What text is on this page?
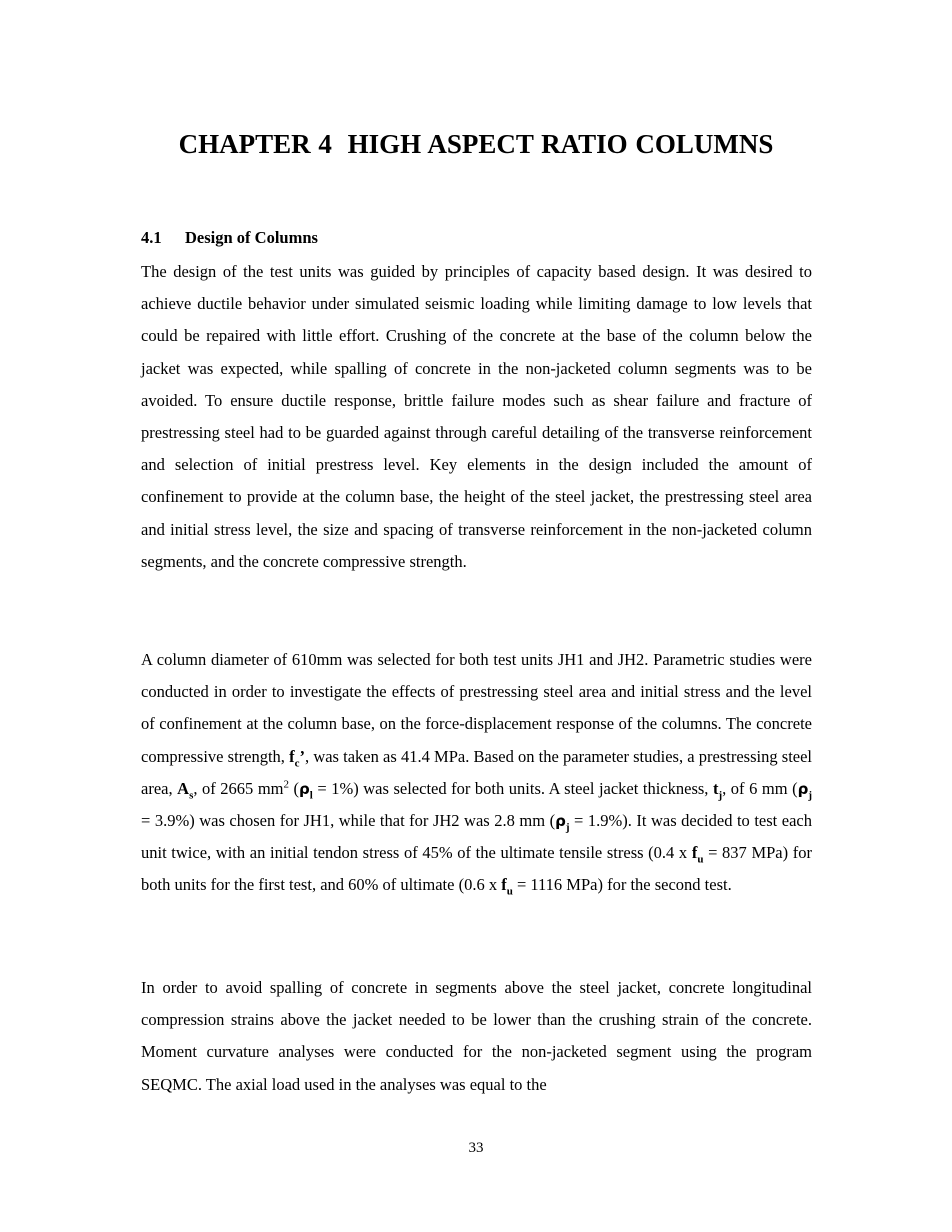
CHAPTER 4 HIGH ASPECT RATIO COLUMNS
4.1 Design of Columns

The design of the test units was guided by principles of capacity based design. It was desired to achieve ductile behavior under simulated seismic loading while limiting damage to low levels that could be repaired with little effort. Crushing of the concrete at the base of the column below the jacket was expected, while spalling of concrete in the non-jacketed column segments was to be avoided. To ensure ductile response, brittle failure modes such as shear failure and fracture of prestressing steel had to be guarded against through careful detailing of the transverse reinforcement and selection of initial prestress level. Key elements in the design included the amount of confinement to provide at the column base, the height of the steel jacket, the prestressing steel area and initial stress level, the size and spacing of transverse reinforcement in the non-jacketed column segments, and the concrete compressive strength.

A column diameter of 610mm was selected for both test units JH1 and JH2. Parametric studies were conducted in order to investigate the effects of prestressing steel area and initial stress and the level of confinement at the column base, on the force-displacement response of the columns. The concrete compressive strength, $f_c$’, was taken as 41.4 MPa. Based on the parameter studies, a prestressing steel area, $A_s$, of 2665 $mm^2$ $(\rho_l = 1\%)$ was selected for both units. A steel jacket thickness, $t_j$, of 6 mm $(\rho_j = 3.9\%)$ was chosen for JH1, while that for JH2 was 2.8 mm $(\rho_j = 1.9\%)$. It was decided to test each unit twice, with an initial tendon stress of 45% of the ultimate tensile stress (0.4 x $f_u = 837$ MPa) for both units for the first test, and 60% of ultimate (0.6 x $f_u = 1116$ MPa) for the second test.

In order to avoid spalling of concrete in segments above the steel jacket, concrete longitudinal compression strains above the jacket needed to be lower than the crushing strain of the concrete. Moment curvature analyses were conducted for the non-jacketed segment using the program SEQMC. The axial load used in the analyses was equal to the

33
